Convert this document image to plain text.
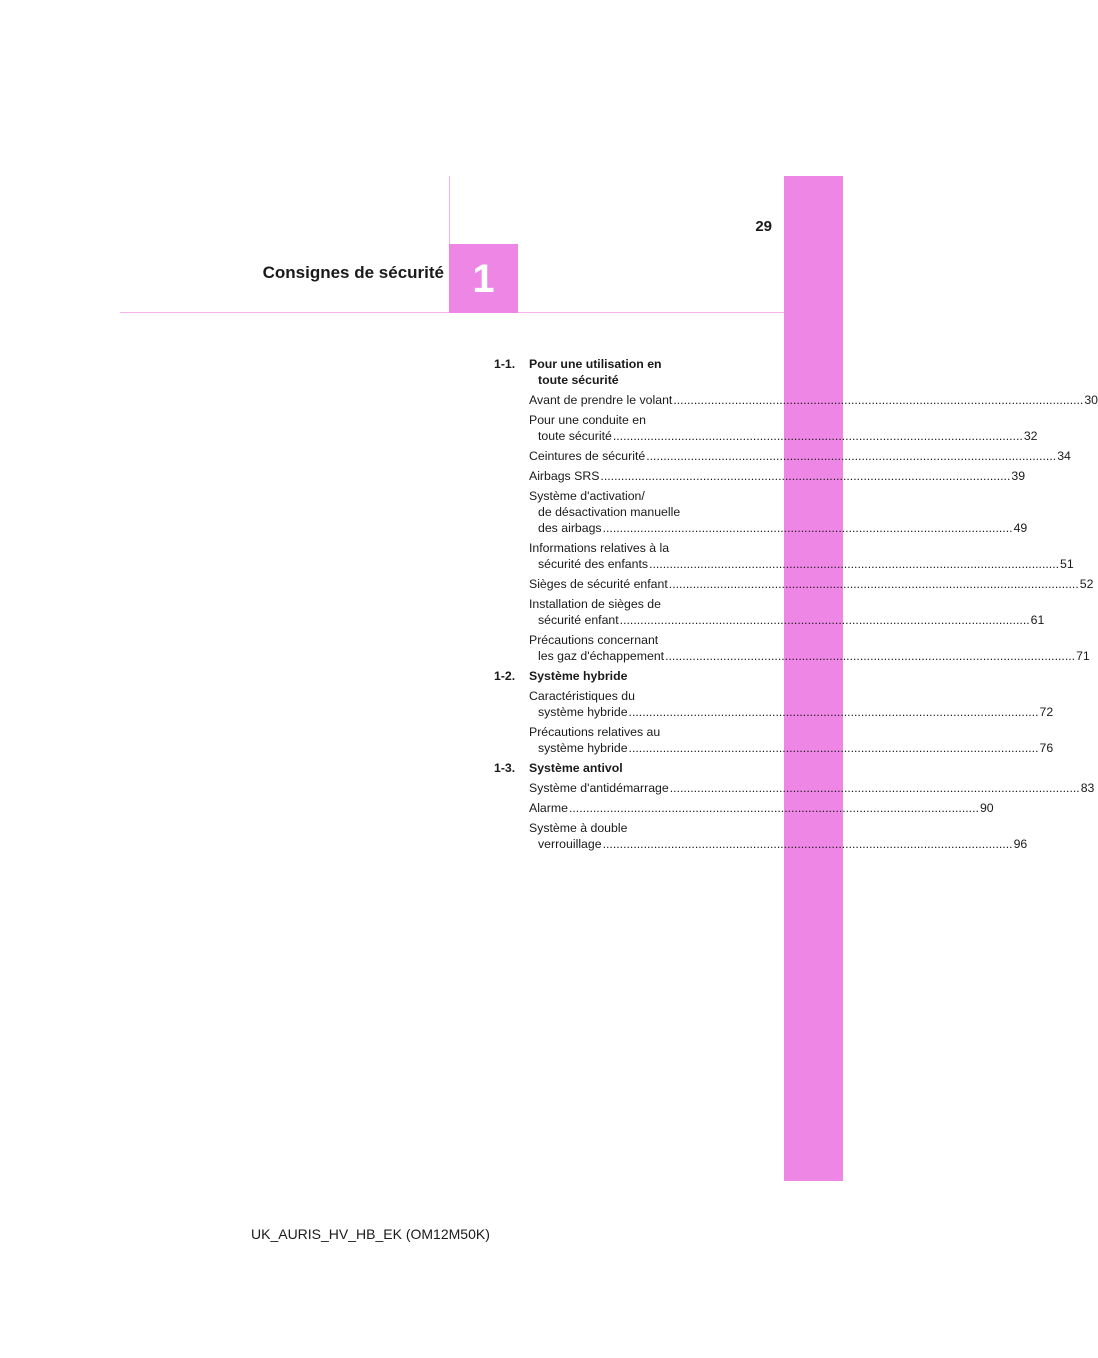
1
Consignes de sécurité
29
1-1. Pour une utilisation en
toute sécurité
Avant de prendre le volant ........................................................................................................................ 30
Pour une conduite en
toute sécurité ........................................................................................................................ 32
Ceintures de sécurité ........................................................................................................................ 34
Airbags SRS ........................................................................................................................ 39
Système d'activation/
de désactivation manuelle
des airbags ........................................................................................................................ 49
Informations relatives à la
sécurité des enfants ........................................................................................................................ 51
Sièges de sécurité enfant ........................................................................................................................ 52
Installation de sièges de
sécurité enfant ........................................................................................................................ 61
Précautions concernant
les gaz d'échappement ........................................................................................................................ 71
1-2. Système hybride
Caractéristiques du
système hybride ........................................................................................................................ 72
Précautions relatives au
système hybride ........................................................................................................................ 76
1-3. Système antivol
Système d'antidémarrage ........................................................................................................................ 83
Alarme ........................................................................................................................ 90
Système à double
verrouillage ........................................................................................................................ 96
UK_AURIS_HV_HB_EK (OM12M50K)
